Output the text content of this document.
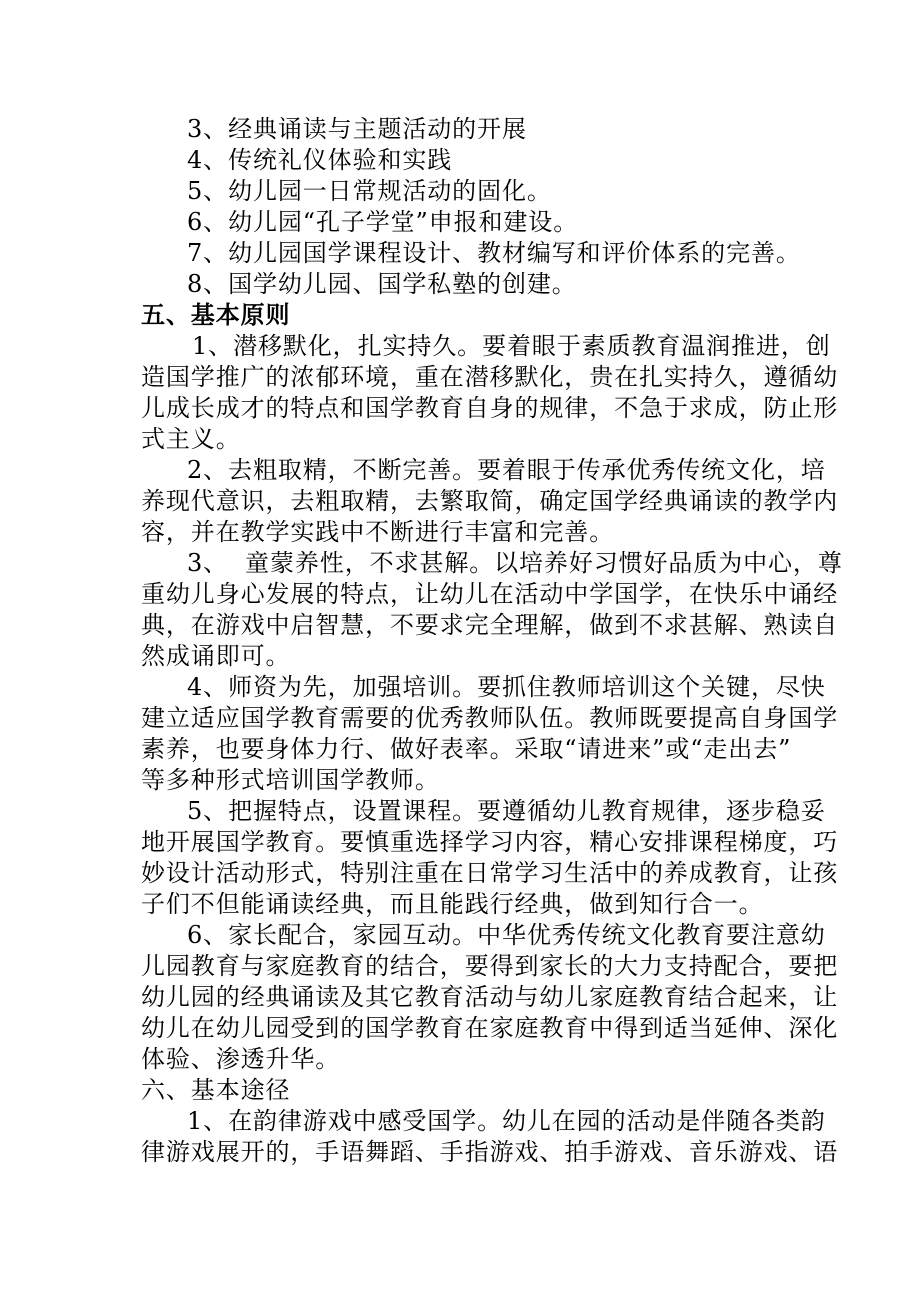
3、经典诵读与主题活动的开展
4、传统礼仪体验和实践
5、幼儿园一日常规活动的固化。
6、幼儿园“孔子学堂”申报和建设。
7、幼儿园国学课程设计、教材编写和评价体系的完善。
8、国学幼儿园、国学私塾的创建。
五、基本原则
1、潜移默化，扎实持久。要着眼于素质教育温润推进，创
造国学推广的浓郁环境，重在潜移默化，贵在扎实持久，遵循幼
儿成长成才的特点和国学教育自身的规律，不急于求成，防止形
式主义。
2、去粗取精，不断完善。要着眼于传承优秀传统文化，培
养现代意识，去粗取精，去繁取简，确定国学经典诵读的教学内
容，并在教学实践中不断进行丰富和完善。
3、  童蒙养性，不求甚解。以培养好习惯好品质为中心，尊
重幼儿身心发展的特点，让幼儿在活动中学国学，在快乐中诵经
典，在游戏中启智慧，不要求完全理解，做到不求甚解、熟读自
然成诵即可。
4、师资为先，加强培训。要抓住教师培训这个关键，尽快
建立适应国学教育需要的优秀教师队伍。教师既要提高自身国学
素养，也要身体力行、做好表率。采取“请进来”或“走出去”
等多种形式培训国学教师。
5、把握特点，设置课程。要遵循幼儿教育规律，逐步稳妥
地开展国学教育。要慎重选择学习内容，精心安排课程梯度，巧
妙设计活动形式，特别注重在日常学习生活中的养成教育，让孩
子们不但能诵读经典，而且能践行经典，做到知行合一。
6、家长配合，家园互动。中华优秀传统文化教育要注意幼
儿园教育与家庭教育的结合，要得到家长的大力支持配合，要把
幼儿园的经典诵读及其它教育活动与幼儿家庭教育结合起来，让
幼儿在幼儿园受到的国学教育在家庭教育中得到适当延伸、深化
体验、渗透升华。
六、基本途径
1、在韵律游戏中感受国学。幼儿在园的活动是伴随各类韵
律游戏展开的，手语舞蹈、手指游戏、拍手游戏、音乐游戏、语
